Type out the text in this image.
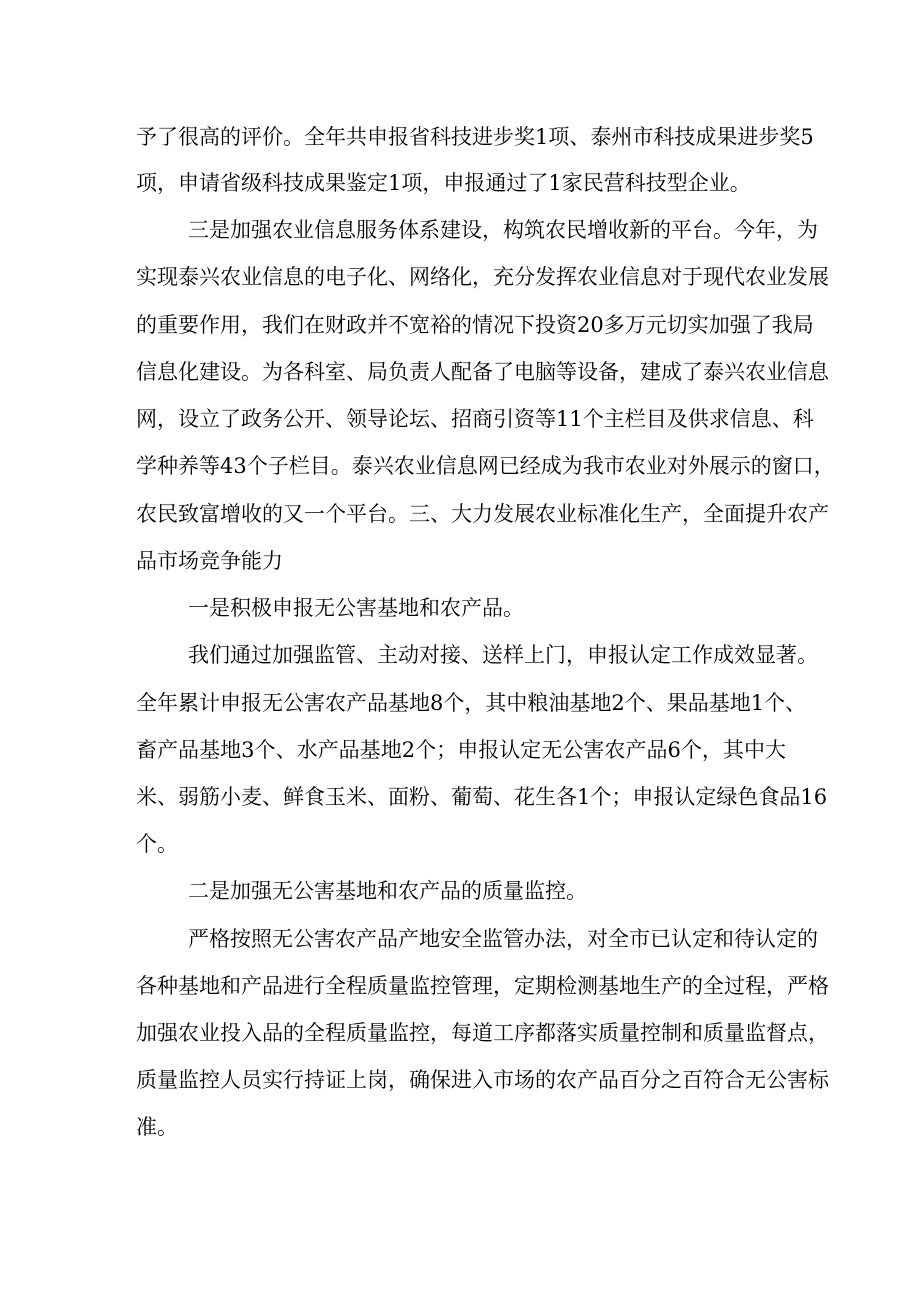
予了很高的评价。全年共申报省科技进步奖1项、泰州市科技成果进步奖5
项，申请省级科技成果鉴定1项，申报通过了1家民营科技型企业。
三是加强农业信息服务体系建设，构筑农民增收新的平台。今年，为
实现泰兴农业信息的电子化、网络化，充分发挥农业信息对于现代农业发展
的重要作用，我们在财政并不宽裕的情况下投资20多万元切实加强了我局
信息化建设。为各科室、局负责人配备了电脑等设备，建成了泰兴农业信息
网，设立了政务公开、领导论坛、招商引资等11个主栏目及供求信息、科
学种养等43个子栏目。泰兴农业信息网已经成为我市农业对外展示的窗口，
农民致富增收的又一个平台。三、大力发展农业标准化生产，全面提升农产
品市场竞争能力
一是积极申报无公害基地和农产品。
我们通过加强监管、主动对接、送样上门，申报认定工作成效显著。
全年累计申报无公害农产品基地8个，其中粮油基地2个、果品基地1个、
畜产品基地3个、水产品基地2个；申报认定无公害农产品6个，其中大
米、弱筋小麦、鲜食玉米、面粉、葡萄、花生各1个；申报认定绿色食品16
个。
二是加强无公害基地和农产品的质量监控。
严格按照无公害农产品产地安全监管办法，对全市已认定和待认定的
各种基地和产品进行全程质量监控管理，定期检测基地生产的全过程，严格
加强农业投入品的全程质量监控，每道工序都落实质量控制和质量监督点，
质量监控人员实行持证上岗，确保进入市场的农产品百分之百符合无公害标
准。
